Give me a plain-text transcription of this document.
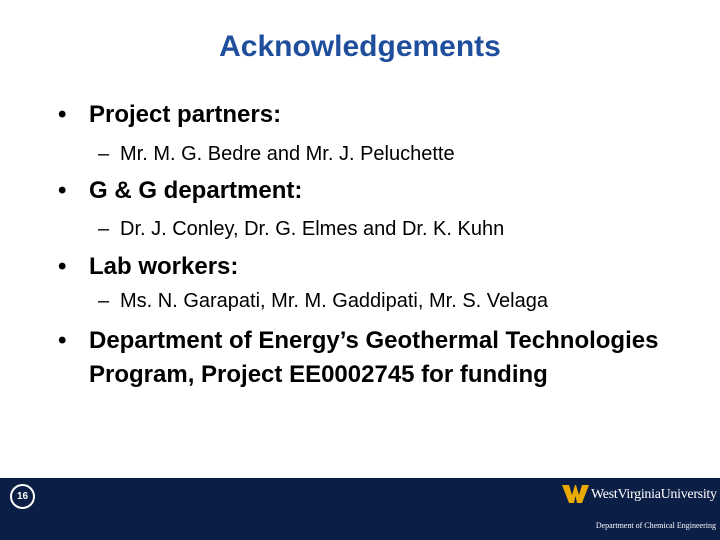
Acknowledgements
• Project partners:
– Mr. M. G. Bedre and Mr. J. Peluchette
• G & G department:
– Dr. J. Conley, Dr. G. Elmes and Dr. K. Kuhn
• Lab workers:
– Ms. N. Garapati, Mr. M. Gaddipati, Mr. S. Velaga
• Department of Energy’s Geothermal Technologies Program, Project EE0002745 for funding
16	WestVirginiaUniversity
Department of Chemical Engineering
